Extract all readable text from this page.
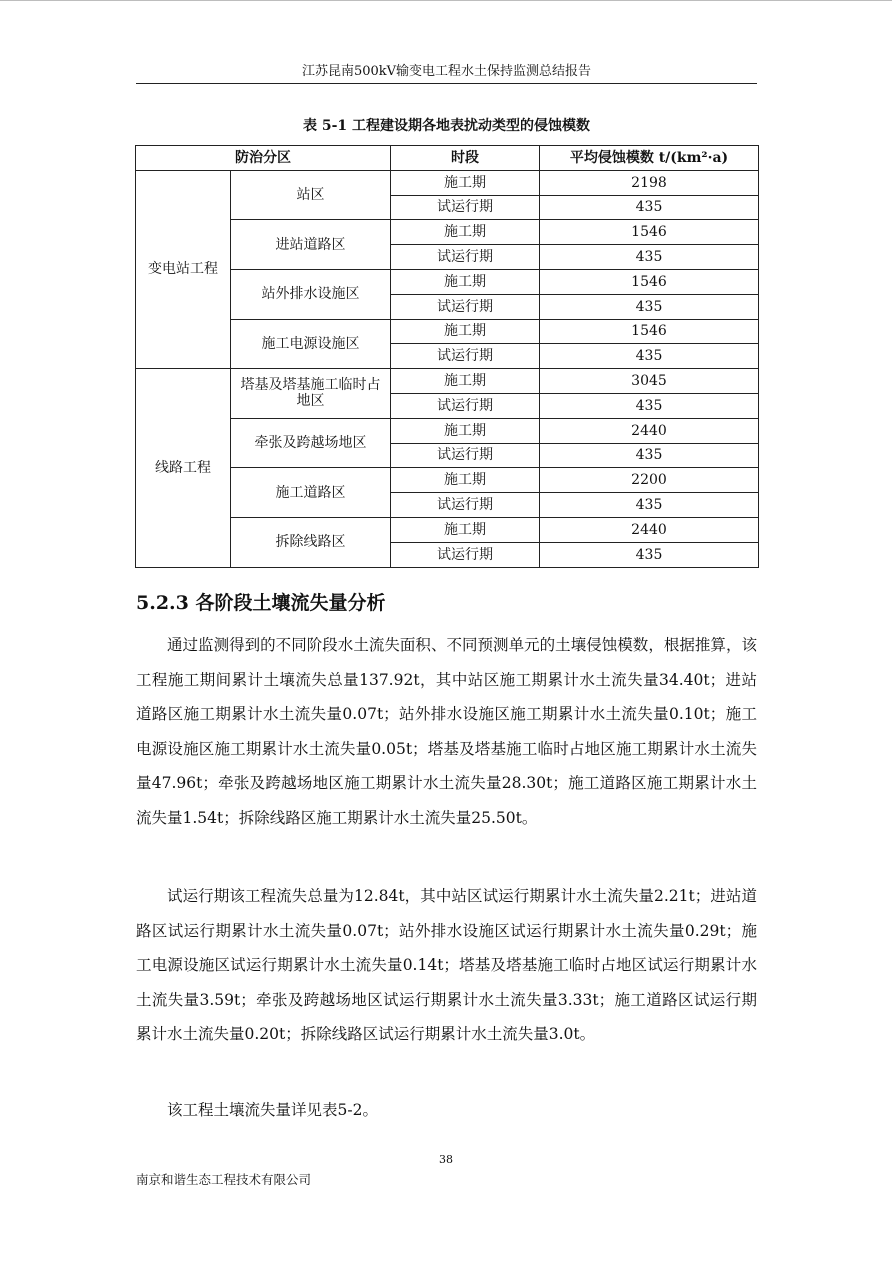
江苏昆南500kV输变电工程水土保持监测总结报告
表 5-1 工程建设期各地表扰动类型的侵蚀模数
防治分区		时段	平均侵蚀模数 t/(km²·a)
变电站工程	站区	施工期	2198
		试运行期	435
	进站道路区	施工期	1546
		试运行期	435
	站外排水设施区	施工期	1546
		试运行期	435
	施工电源设施区	施工期	1546
		试运行期	435
线路工程	塔基及塔基施工临时占地区	施工期	3045
		试运行期	435
	牵张及跨越场地区	施工期	2440
		试运行期	435
	施工道路区	施工期	2200
		试运行期	435
	拆除线路区	施工期	2440
		试运行期	435
5.2.3 各阶段土壤流失量分析

通过监测得到的不同阶段水土流失面积、不同预测单元的土壤侵蚀模数，根据推算，该工程施工期间累计土壤流失总量137.92t，其中站区施工期累计水土流失量34.40t；进站道路区施工期累计水土流失量0.07t；站外排水设施区施工期累计水土流失量0.10t；施工电源设施区施工期累计水土流失量0.05t；塔基及塔基施工临时占地区施工期累计水土流失量47.96t；牵张及跨越场地区施工期累计水土流失量28.30t；施工道路区施工期累计水土流失量1.54t；拆除线路区施工期累计水土流失量25.50t。

试运行期该工程流失总量为12.84t，其中站区试运行期累计水土流失量2.21t；进站道路区试运行期累计水土流失量0.07t；站外排水设施区试运行期累计水土流失量0.29t；施工电源设施区试运行期累计水土流失量0.14t；塔基及塔基施工临时占地区试运行期累计水土流失量3.59t；牵张及跨越场地区试运行期累计水土流失量3.33t；施工道路区试运行期累计水土流失量0.20t；拆除线路区试运行期累计水土流失量3.0t。

该工程土壤流失量详见表5-2。

38
南京和谐生态工程技术有限公司
